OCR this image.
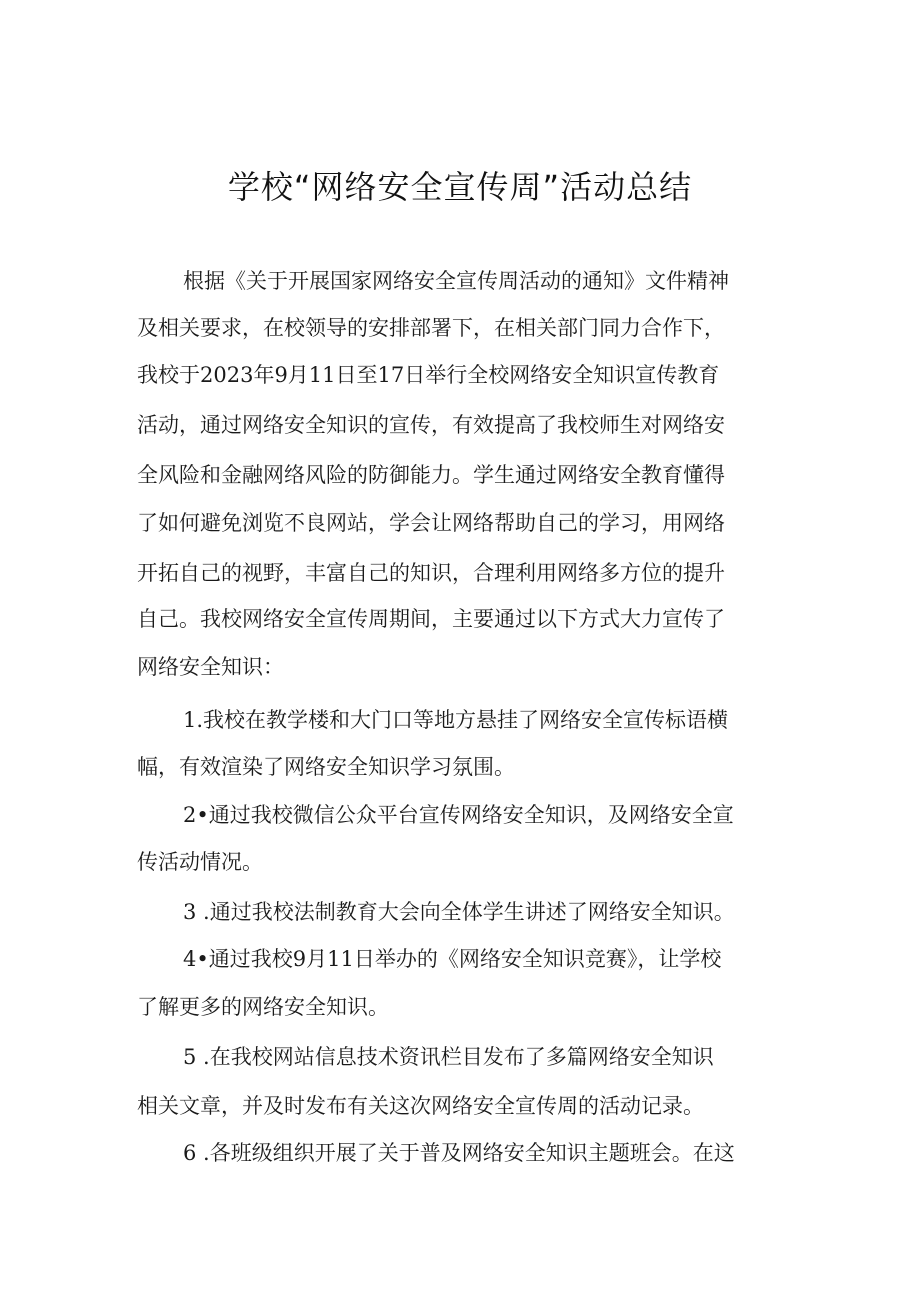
学校“网络安全宣传周”活动总结
根据《关于开展国家网络安全宣传周活动的通知》文件精神
及相关要求，在校领导的安排部署下，在相关部门同力合作下，
我校于2023年9月11日至17日举行全校网络安全知识宣传教育
活动，通过网络安全知识的宣传，有效提高了我校师生对网络安
全风险和金融网络风险的防御能力。学生通过网络安全教育懂得
了如何避免浏览不良网站，学会让网络帮助自己的学习，用网络
开拓自己的视野，丰富自己的知识，合理利用网络多方位的提升
自己。我校网络安全宣传周期间，主要通过以下方式大力宣传了
网络安全知识：
1.我校在教学楼和大门口等地方悬挂了网络安全宣传标语横
幅，有效渲染了网络安全知识学习氛围。
2•通过我校微信公众平台宣传网络安全知识，及网络安全宣
传活动情况。
3 .通过我校法制教育大会向全体学生讲述了网络安全知识。
4•通过我校9月11日举办的《网络安全知识竞赛》，让学校
了解更多的网络安全知识。
5 .在我校网站信息技术资讯栏目发布了多篇网络安全知识
相关文章，并及时发布有关这次网络安全宣传周的活动记录。
6 .各班级组织开展了关于普及网络安全知识主题班会。在这
